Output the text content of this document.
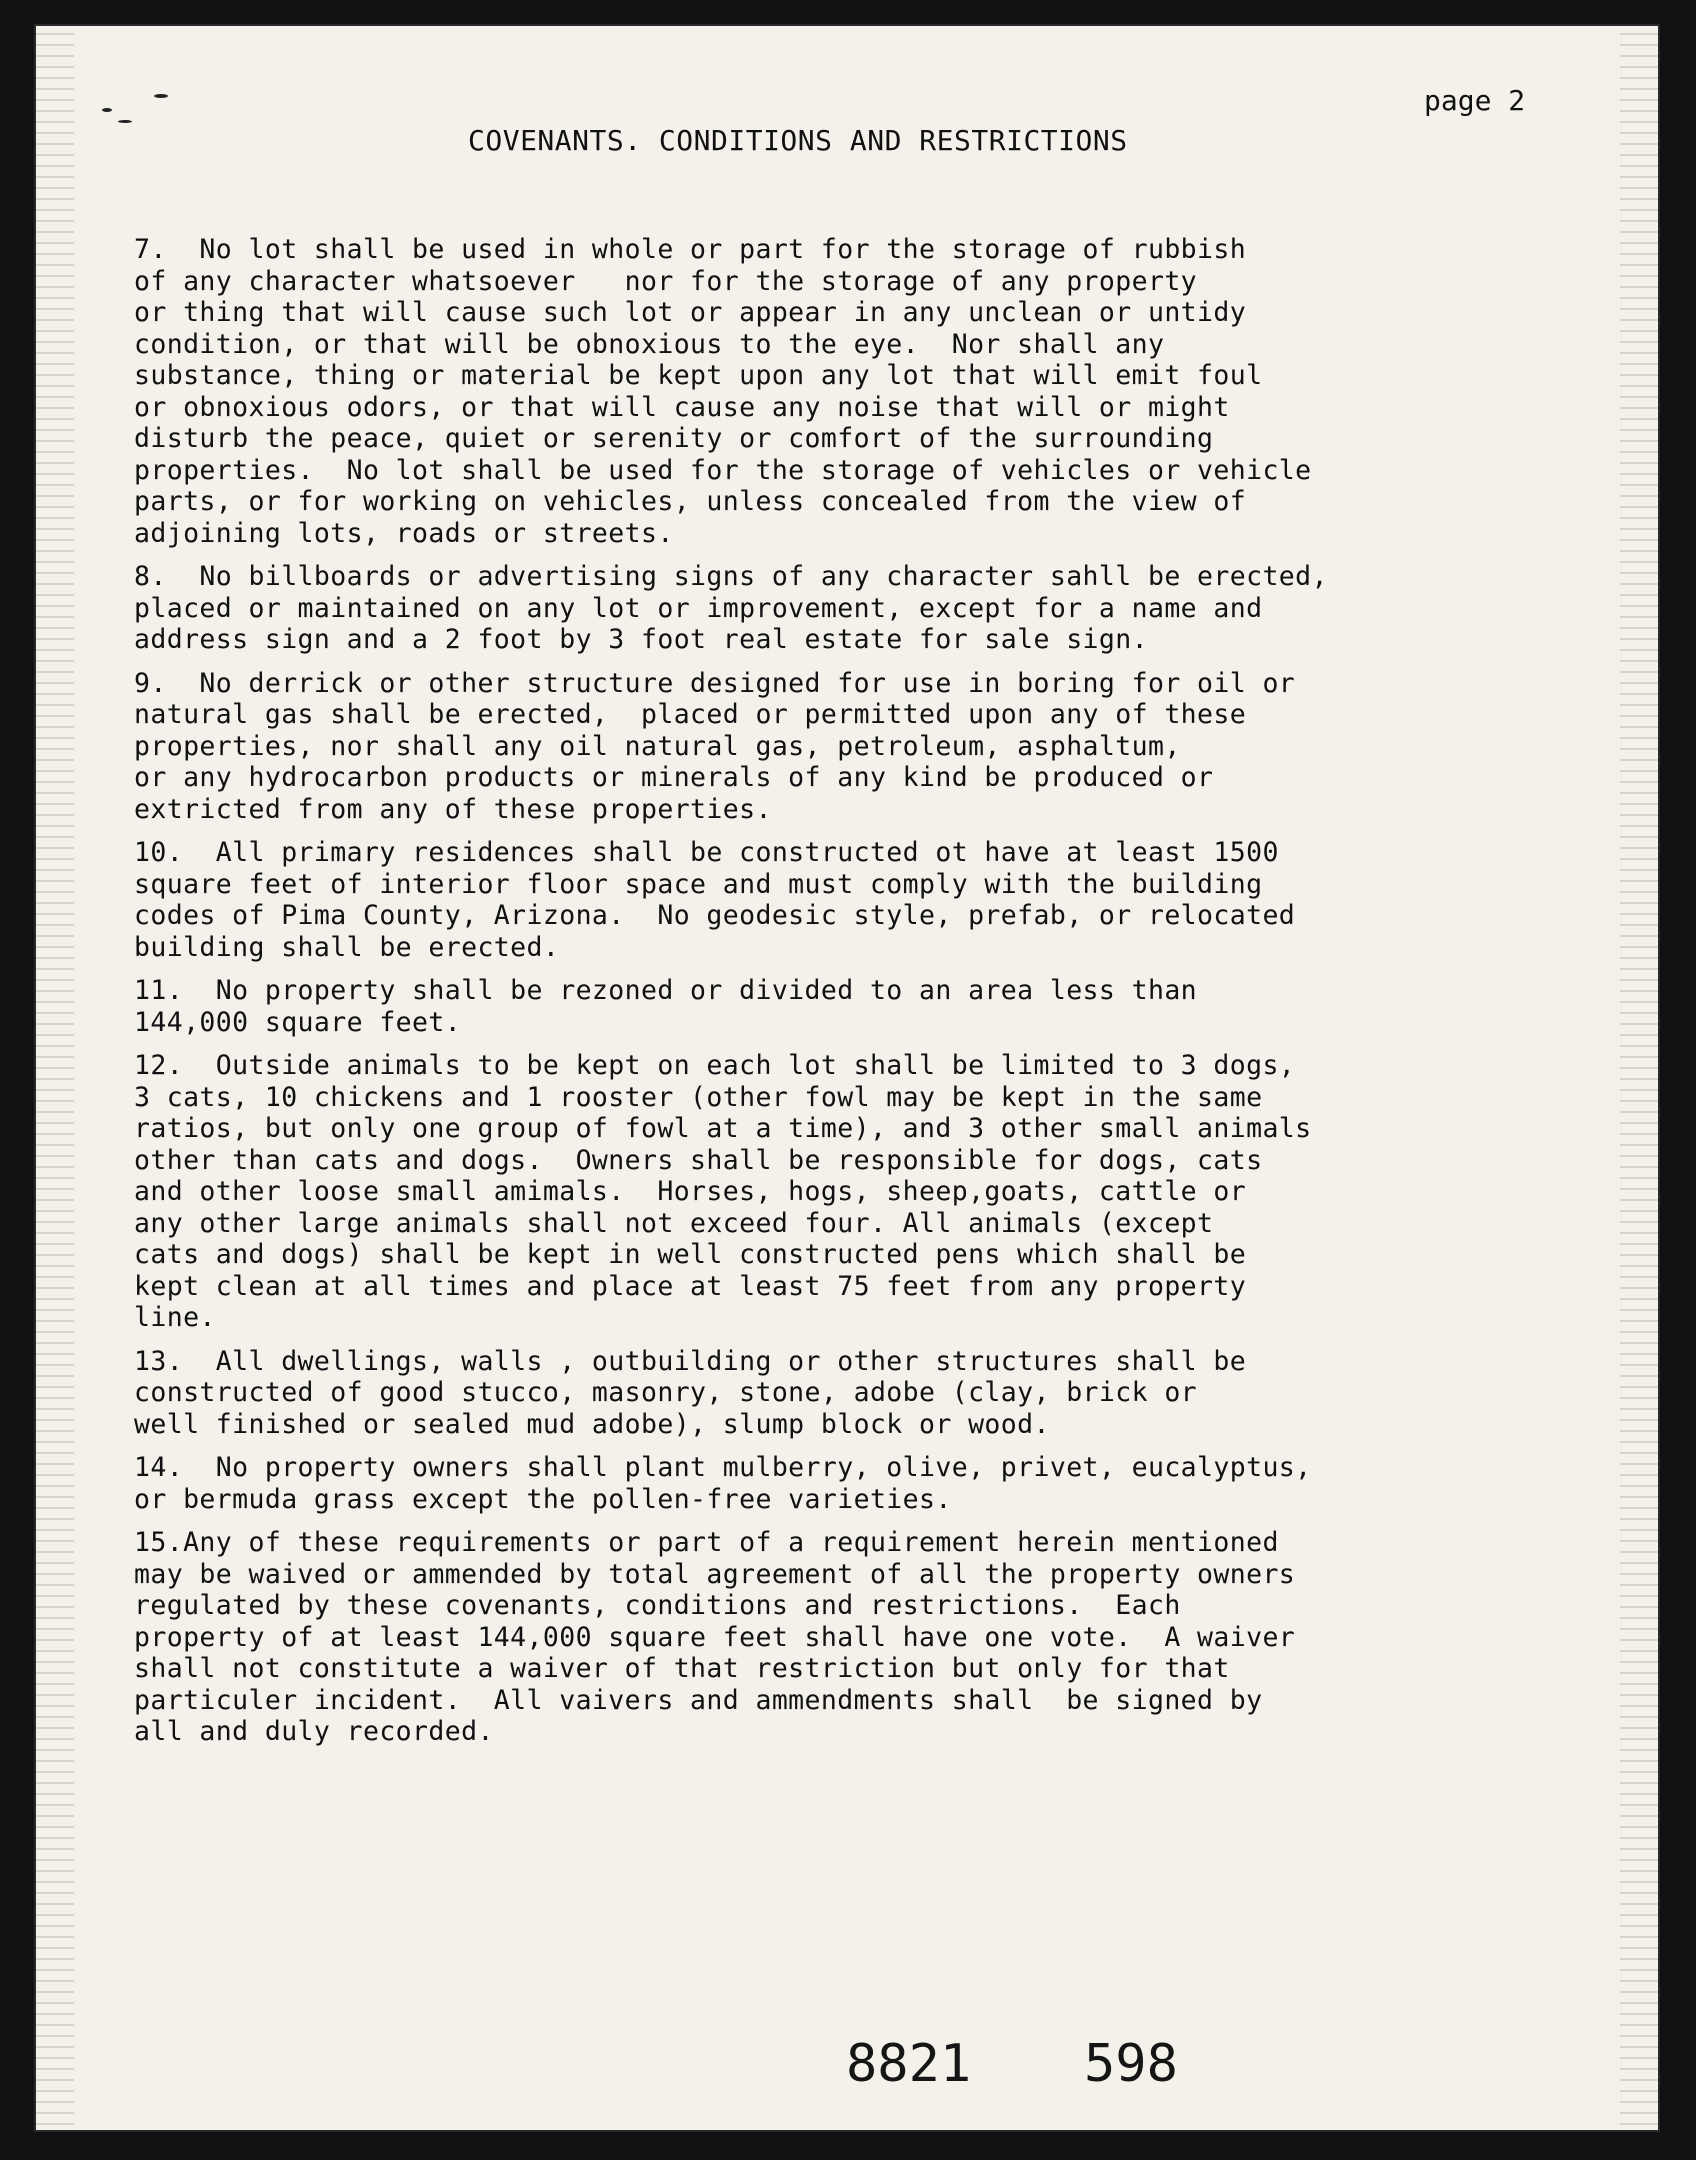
page 2
COVENANTS. CONDITIONS AND RESTRICTIONS
7.  No lot shall be used in whole or part for the storage of rubbish
of any character whatsoever   nor for the storage of any property
or thing that will cause such lot or appear in any unclean or untidy
condition, or that will be obnoxious to the eye.  Nor shall any
substance, thing or material be kept upon any lot that will emit foul
or obnoxious odors, or that will cause any noise that will or might
disturb the peace, quiet or serenity or comfort of the surrounding
properties.  No lot shall be used for the storage of vehicles or vehicle
parts, or for working on vehicles, unless concealed from the view of
adjoining lots, roads or streets.
8.  No billboards or advertising signs of any character sahll be erected,
placed or maintained on any lot or improvement, except for a name and
address sign and a 2 foot by 3 foot real estate for sale sign.
9.  No derrick or other structure designed for use in boring for oil or
natural gas shall be erected,  placed or permitted upon any of these
properties, nor shall any oil natural gas, petroleum, asphaltum,
or any hydrocarbon products or minerals of any kind be produced or
extricted from any of these properties.
10.  All primary residences shall be constructed ot have at least 1500
square feet of interior floor space and must comply with the building
codes of Pima County, Arizona.  No geodesic style, prefab, or relocated
building shall be erected.
11.  No property shall be rezoned or divided to an area less than
144,000 square feet.
12.  Outside animals to be kept on each lot shall be limited to 3 dogs,
3 cats, 10 chickens and 1 rooster (other fowl may be kept in the same
ratios, but only one group of fowl at a time), and 3 other small animals
other than cats and dogs.  Owners shall be responsible for dogs, cats
and other loose small amimals.  Horses, hogs, sheep,goats, cattle or
any other large animals shall not exceed four. All animals (except
cats and dogs) shall be kept in well constructed pens which shall be
kept clean at all times and place at least 75 feet from any property
line.
13.  All dwellings, walls , outbuilding or other structures shall be
constructed of good stucco, masonry, stone, adobe (clay, brick or
well finished or sealed mud adobe), slump block or wood.
14.  No property owners shall plant mulberry, olive, privet, eucalyptus,
or bermuda grass except the pollen-free varieties.
15.Any of these requirements or part of a requirement herein mentioned
may be waived or ammended by total agreement of all the property owners
regulated by these covenants, conditions and restrictions.  Each
property of at least 144,000 square feet shall have one vote.  A waiver
shall not constitute a waiver of that restriction but only for that
particuler incident.  All vaivers and ammendments shall  be signed by
all and duly recorded.
8821 598
